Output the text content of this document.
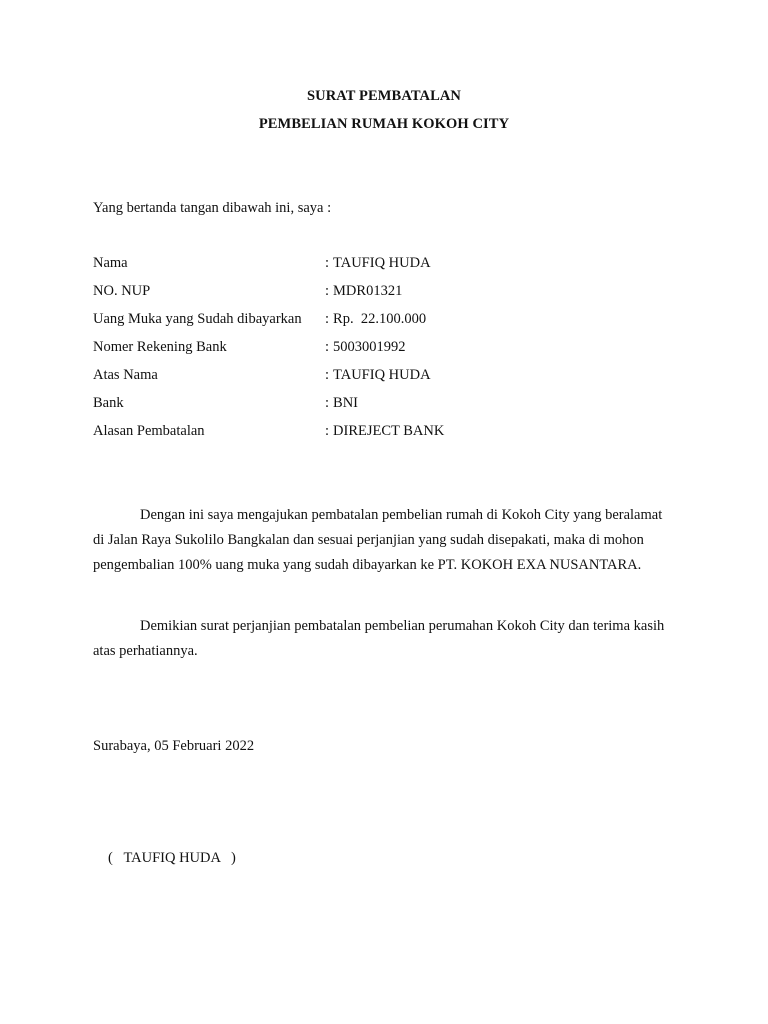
SURAT PEMBATALAN
PEMBELIAN RUMAH KOKOH CITY
Yang bertanda tangan dibawah ini, saya :
Nama	: TAUFIQ HUDA
NO. NUP	: MDR01321
Uang Muka yang Sudah dibayarkan : Rp.  22.100.000
Nomer Rekening Bank	: 5003001992
Atas Nama	: TAUFIQ HUDA
Bank	: BNI
Alasan Pembatalan	: DIREJECT BANK

Dengan ini saya mengajukan pembatalan pembelian rumah di Kokoh City yang beralamat di Jalan Raya Sukolilo Bangkalan dan sesuai perjanjian yang sudah disepakati, maka di mohon pengembalian 100% uang muka yang sudah dibayarkan ke PT. KOKOH EXA NUSANTARA.

Demikian surat perjanjian pembatalan pembelian perumahan Kokoh City dan terima kasih atas perhatiannya.

Surabaya, 05 Februari 2022
(   TAUFIQ HUDA   )
